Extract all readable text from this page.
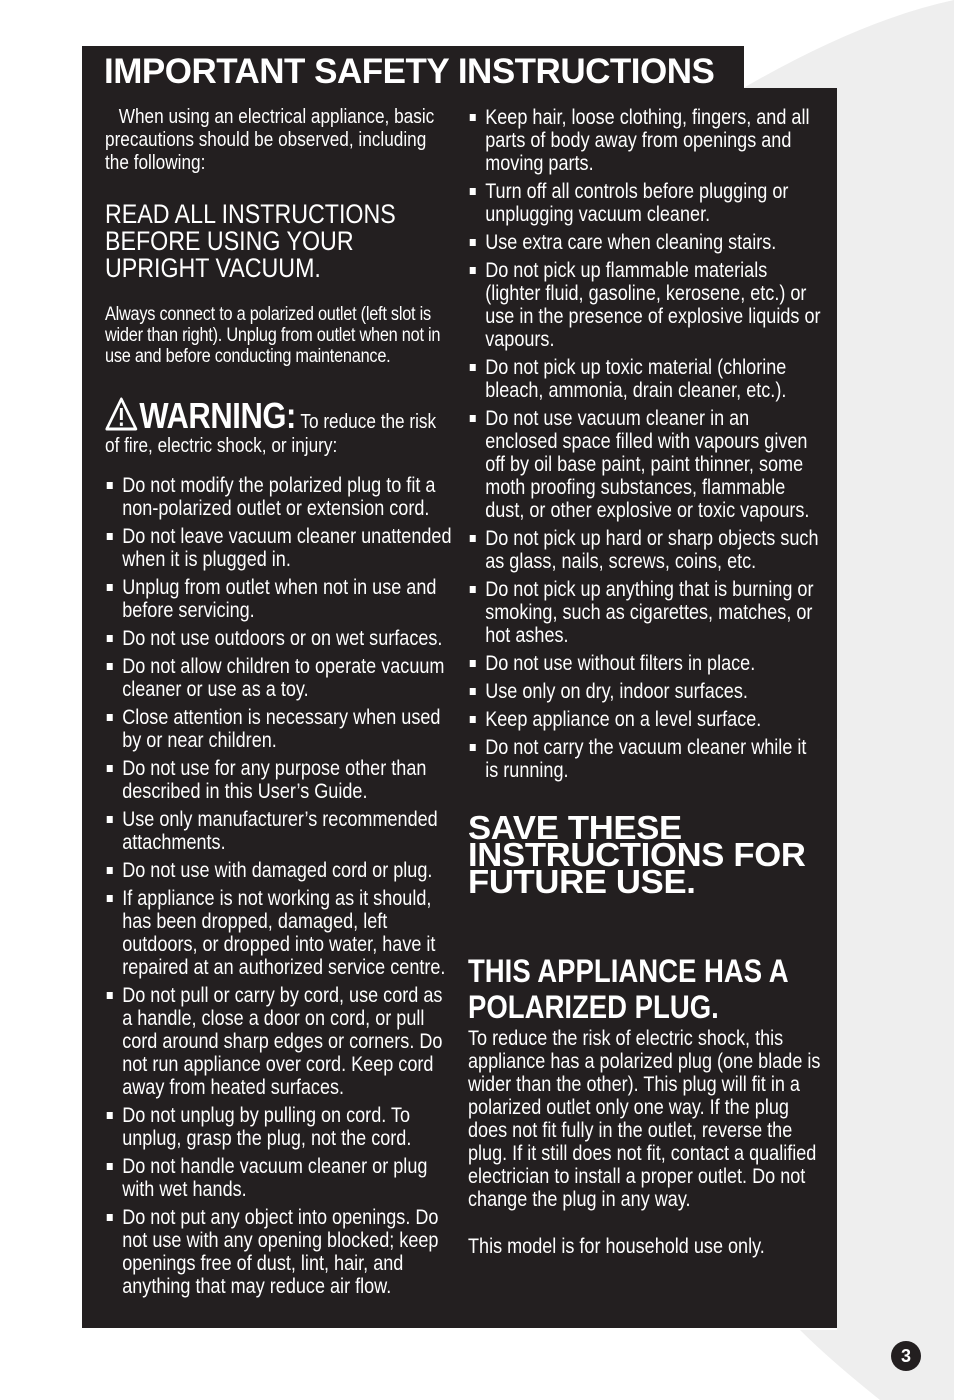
IMPORTANT SAFETY INSTRUCTIONS

When using an electrical appliance, basic precautions should be observed, including the following:

READ ALL INSTRUCTIONS BEFORE USING YOUR UPRIGHT VACUUM.

Always connect to a polarized outlet (left slot is wider than right). Unplug from outlet when not in use and before conducting maintenance.

WARNING: To reduce the risk of fire, electric shock, or injury:

Do not modify the polarized plug to fit a non-polarized outlet or extension cord.
Do not leave vacuum cleaner unattended when it is plugged in.
Unplug from outlet when not in use and before servicing.
Do not use outdoors or on wet surfaces.
Do not allow children to operate vacuum cleaner or use as a toy.
Close attention is necessary when used by or near children.
Do not use for any purpose other than described in this User’s Guide.
Use only manufacturer’s recommended attachments.
Do not use with damaged cord or plug.
If appliance is not working as it should, has been dropped, damaged, left outdoors, or dropped into water, have it repaired at an authorized service centre.
Do not pull or carry by cord, use cord as a handle, close a door on cord, or pull cord around sharp edges or corners. Do not run appliance over cord. Keep cord away from heated surfaces.
Do not unplug by pulling on cord. To unplug, grasp the plug, not the cord.
Do not handle vacuum cleaner or plug with wet hands.
Do not put any object into openings. Do not use with any opening blocked; keep openings free of dust, lint, hair, and anything that may reduce air flow.
Keep hair, loose clothing, fingers, and all parts of body away from openings and moving parts.
Turn off all controls before plugging or unplugging vacuum cleaner.
Use extra care when cleaning stairs.
Do not pick up flammable materials (lighter fluid, gasoline, kerosene, etc.) or use in the presence of explosive liquids or vapours.
Do not pick up toxic material (chlorine bleach, ammonia, drain cleaner, etc.).
Do not use vacuum cleaner in an enclosed space filled with vapours given off by oil base paint, paint thinner, some moth proofing substances, flammable dust, or other explosive or toxic vapours.
Do not pick up hard or sharp objects such as glass, nails, screws, coins, etc.
Do not pick up anything that is burning or smoking, such as cigarettes, matches, or hot ashes.
Do not use without filters in place.
Use only on dry, indoor surfaces.
Keep appliance on a level surface.
Do not carry the vacuum cleaner while it is running.

SAVE THESE INSTRUCTIONS FOR FUTURE USE.

THIS APPLIANCE HAS A POLARIZED PLUG.

To reduce the risk of electric shock, this appliance has a polarized plug (one blade is wider than the other). This plug will fit in a polarized outlet only one way. If the plug does not fit fully in the outlet, reverse the plug. If it still does not fit, contact a qualified electrician to install a proper outlet. Do not change the plug in any way.

This model is for household use only.

3
